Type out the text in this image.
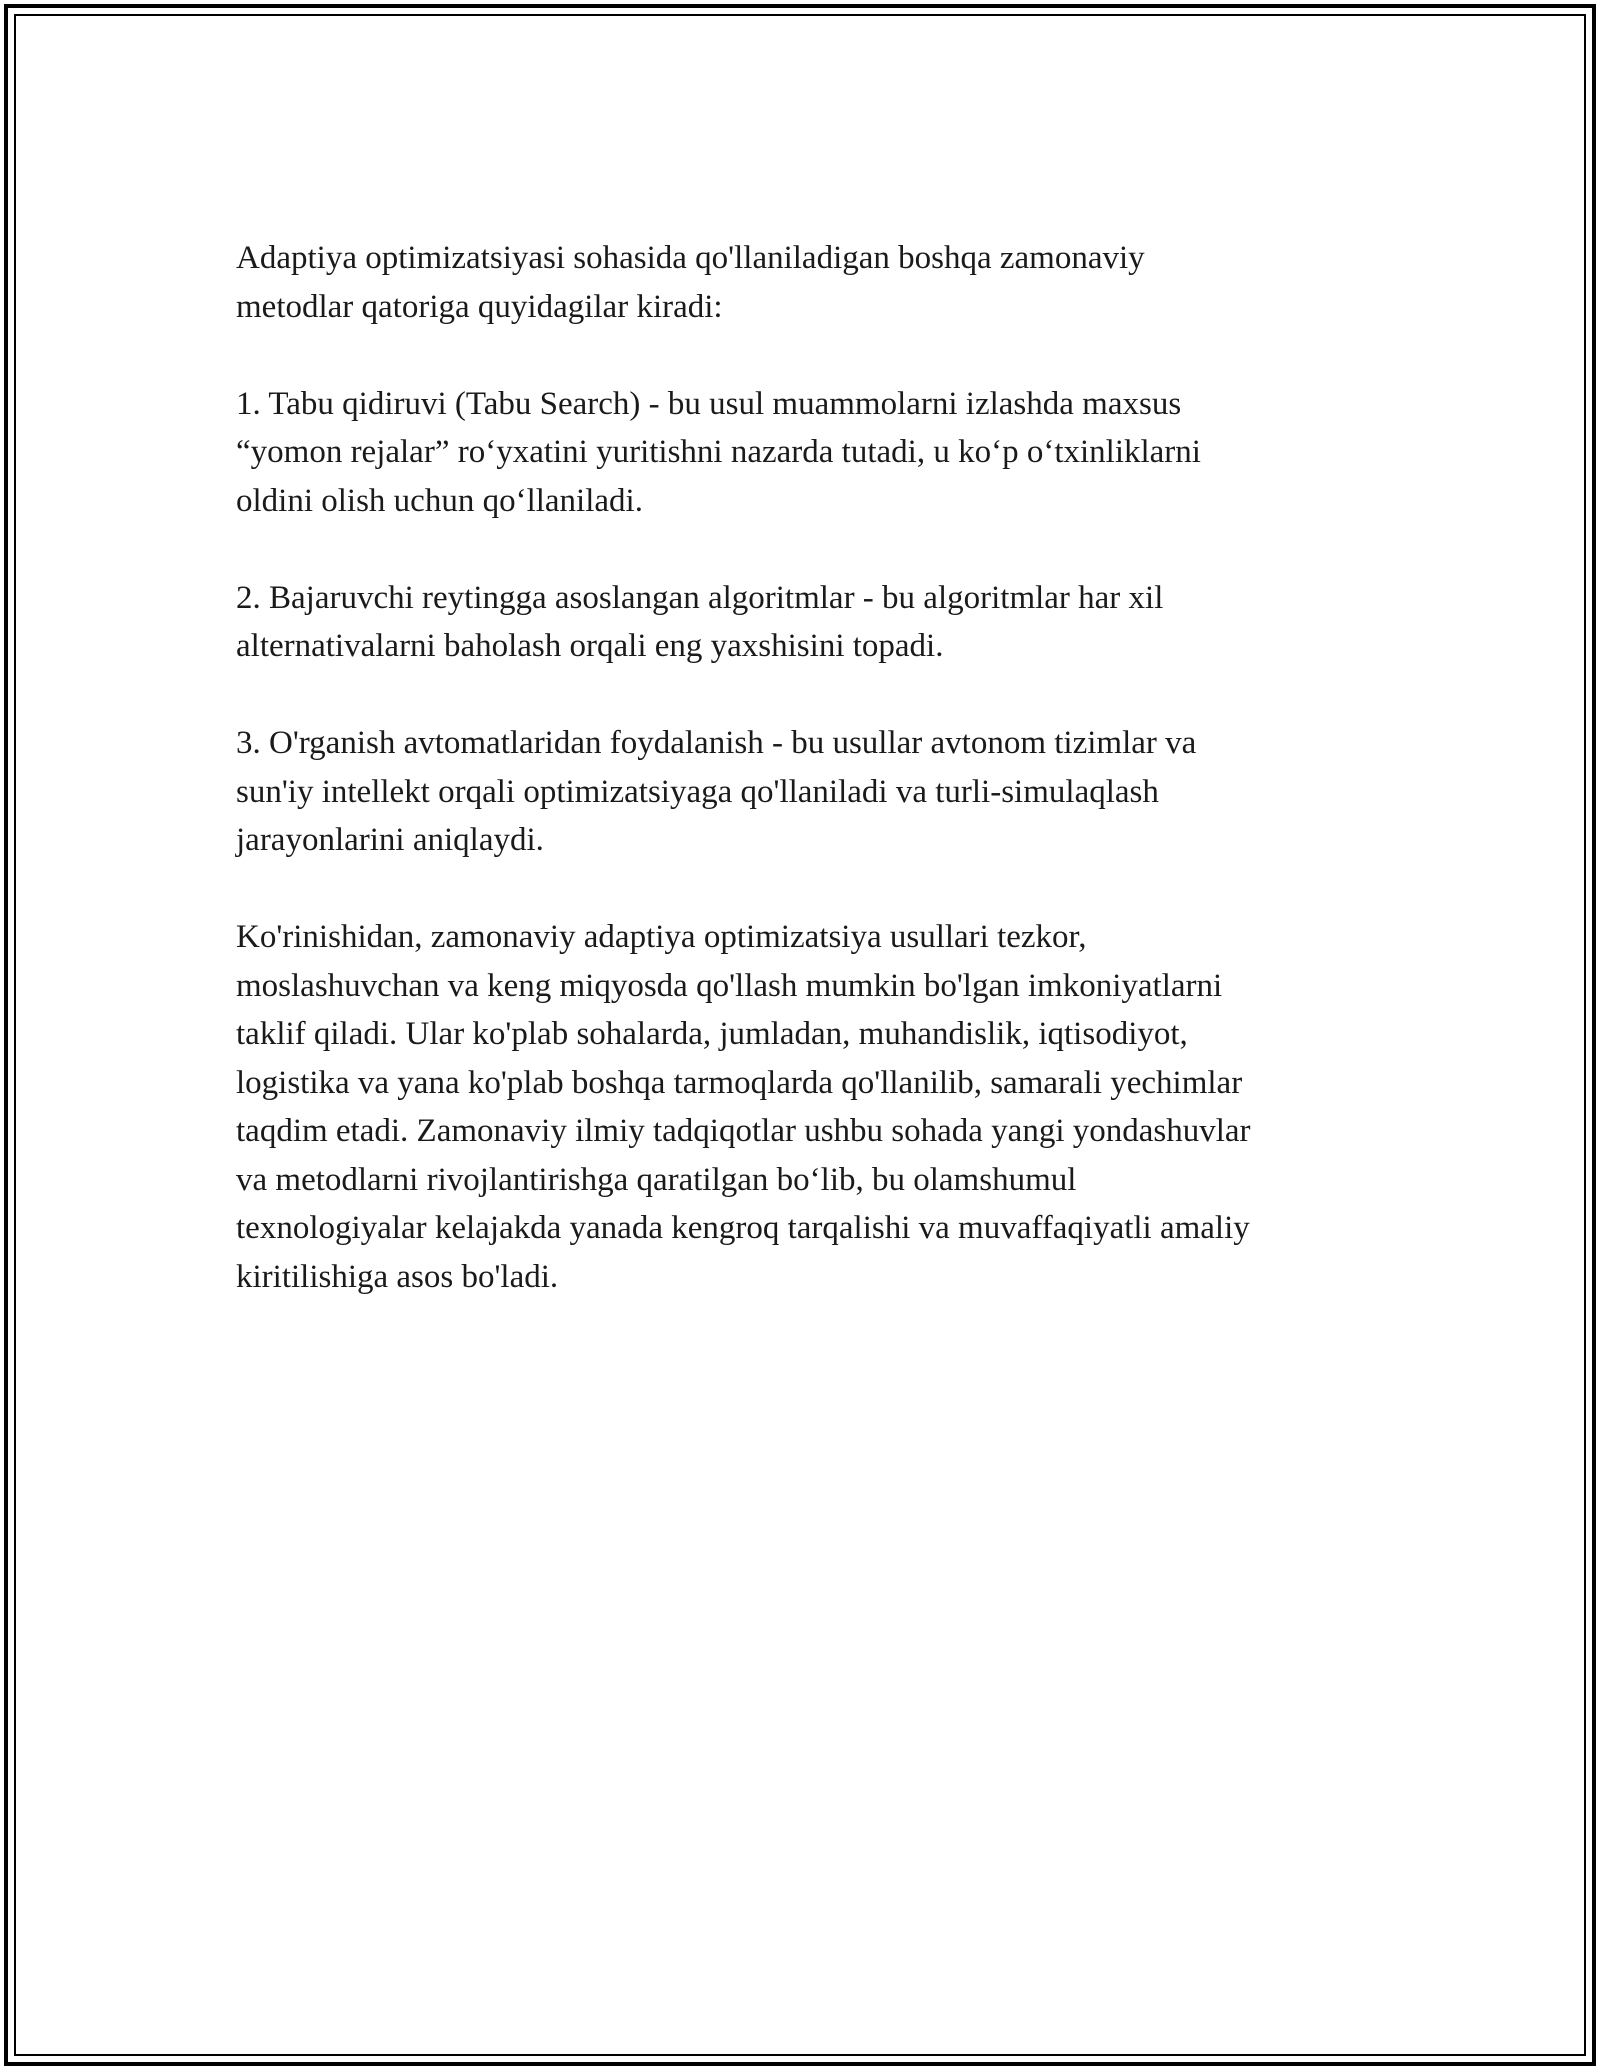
Adaptiya optimizatsiyasi sohasida qo'llaniladigan boshqa zamonaviy
metodlar qatoriga quyidagilar kiradi:

1. Tabu qidiruvi (Tabu Search) - bu usul muammolarni izlashda maxsus
“yomon rejalar” ro‘yxatini yuritishni nazarda tutadi, u ko‘p o‘txinliklarni
oldini olish uchun qo‘llaniladi.

2. Bajaruvchi reytingga asoslangan algoritmlar - bu algoritmlar har xil
alternativalarni baholash orqali eng yaxshisini topadi.

3. O'rganish avtomatlaridan foydalanish - bu usullar avtonom tizimlar va
sun'iy intellekt orqali optimizatsiyaga qo'llaniladi va turli-simulaqlash
jarayonlarini aniqlaydi.

Ko'rinishidan, zamonaviy adaptiya optimizatsiya usullari tezkor,
moslashuvchan va keng miqyosda qo'llash mumkin bo'lgan imkoniyatlarni
taklif qiladi. Ular ko'plab sohalarda, jumladan, muhandislik, iqtisodiyot,
logistika va yana ko'plab boshqa tarmoqlarda qo'llanilib, samarali yechimlar
taqdim etadi. Zamonaviy ilmiy tadqiqotlar ushbu sohada yangi yondashuvlar
va metodlarni rivojlantirishga qaratilgan bo‘lib, bu olamshumul
texnologiyalar kelajakda yanada kengroq tarqalishi va muvaffaqiyatli amaliy
kiritilishiga asos bo'ladi.
